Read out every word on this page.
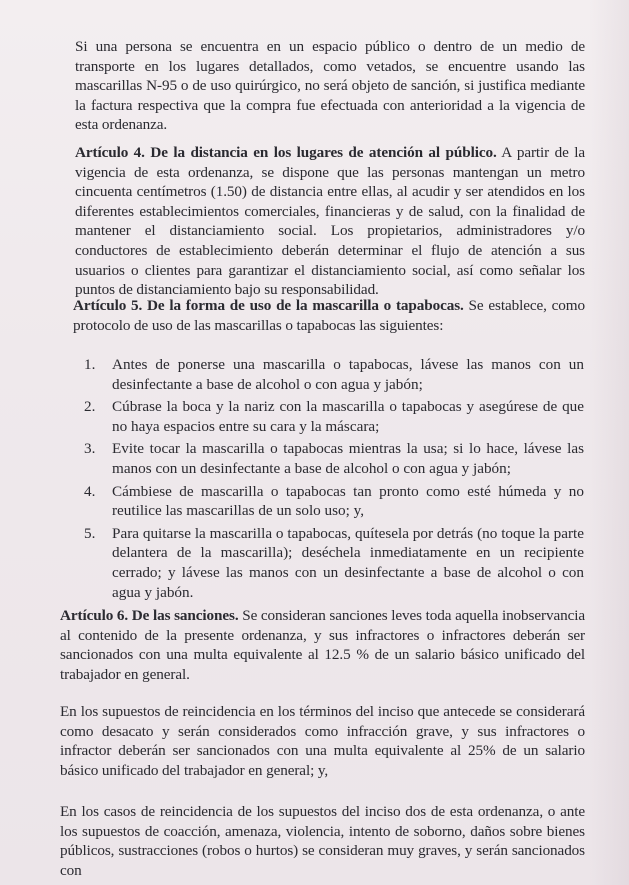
Si una persona se encuentra en un espacio público o dentro de un medio de transporte en los lugares detallados, como vetados, se encuentre usando las mascarillas N-95 o de uso quirúrgico, no será objeto de sanción, si justifica mediante la factura respectiva que la compra fue efectuada con anterioridad a la vigencia de esta ordenanza.

Artículo 4. De la distancia en los lugares de atención al público. A partir de la vigencia de esta ordenanza, se dispone que las personas mantengan un metro cincuenta centímetros (1.50) de distancia entre ellas, al acudir y ser atendidos en los diferentes establecimientos comerciales, financieras y de salud, con la finalidad de mantener el distanciamiento social. Los propietarios, administradores y/o conductores de establecimiento deberán determinar el flujo de atención a sus usuarios o clientes para garantizar el distanciamiento social, así como señalar los puntos de distanciamiento bajo su responsabilidad.

Artículo 5. De la forma de uso de la mascarilla o tapabocas. Se establece, como protocolo de uso de las mascarillas o tapabocas las siguientes:

1. Antes de ponerse una mascarilla o tapabocas, lávese las manos con un desinfectante a base de alcohol o con agua y jabón;
2. Cúbrase la boca y la nariz con la mascarilla o tapabocas y asegúrese de que no haya espacios entre su cara y la máscara;
3. Evite tocar la mascarilla o tapabocas mientras la usa; si lo hace, lávese las manos con un desinfectante a base de alcohol o con agua y jabón;
4. Cámbiese de mascarilla o tapabocas tan pronto como esté húmeda y no reutilice las mascarillas de un solo uso; y,
5. Para quitarse la mascarilla o tapabocas, quítesela por detrás (no toque la parte delantera de la mascarilla); deséchela inmediatamente en un recipiente cerrado; y lávese las manos con un desinfectante a base de alcohol o con agua y jabón.

Artículo 6. De las sanciones. Se consideran sanciones leves toda aquella inobservancia al contenido de la presente ordenanza, y sus infractores o infractores deberán ser sancionados con una multa equivalente al 12.5 % de un salario básico unificado del trabajador en general.

En los supuestos de reincidencia en los términos del inciso que antecede se considerará como desacato y serán considerados como infracción grave, y sus infractores o infractor deberán ser sancionados con una multa equivalente al 25% de un salario básico unificado del trabajador en general; y,

En los casos de reincidencia de los supuestos del inciso dos de esta ordenanza, o ante los supuestos de coacción, amenaza, violencia, intento de soborno, daños sobre bienes públicos, sustracciones (robos o hurtos) se consideran muy graves, y serán sancionados con
